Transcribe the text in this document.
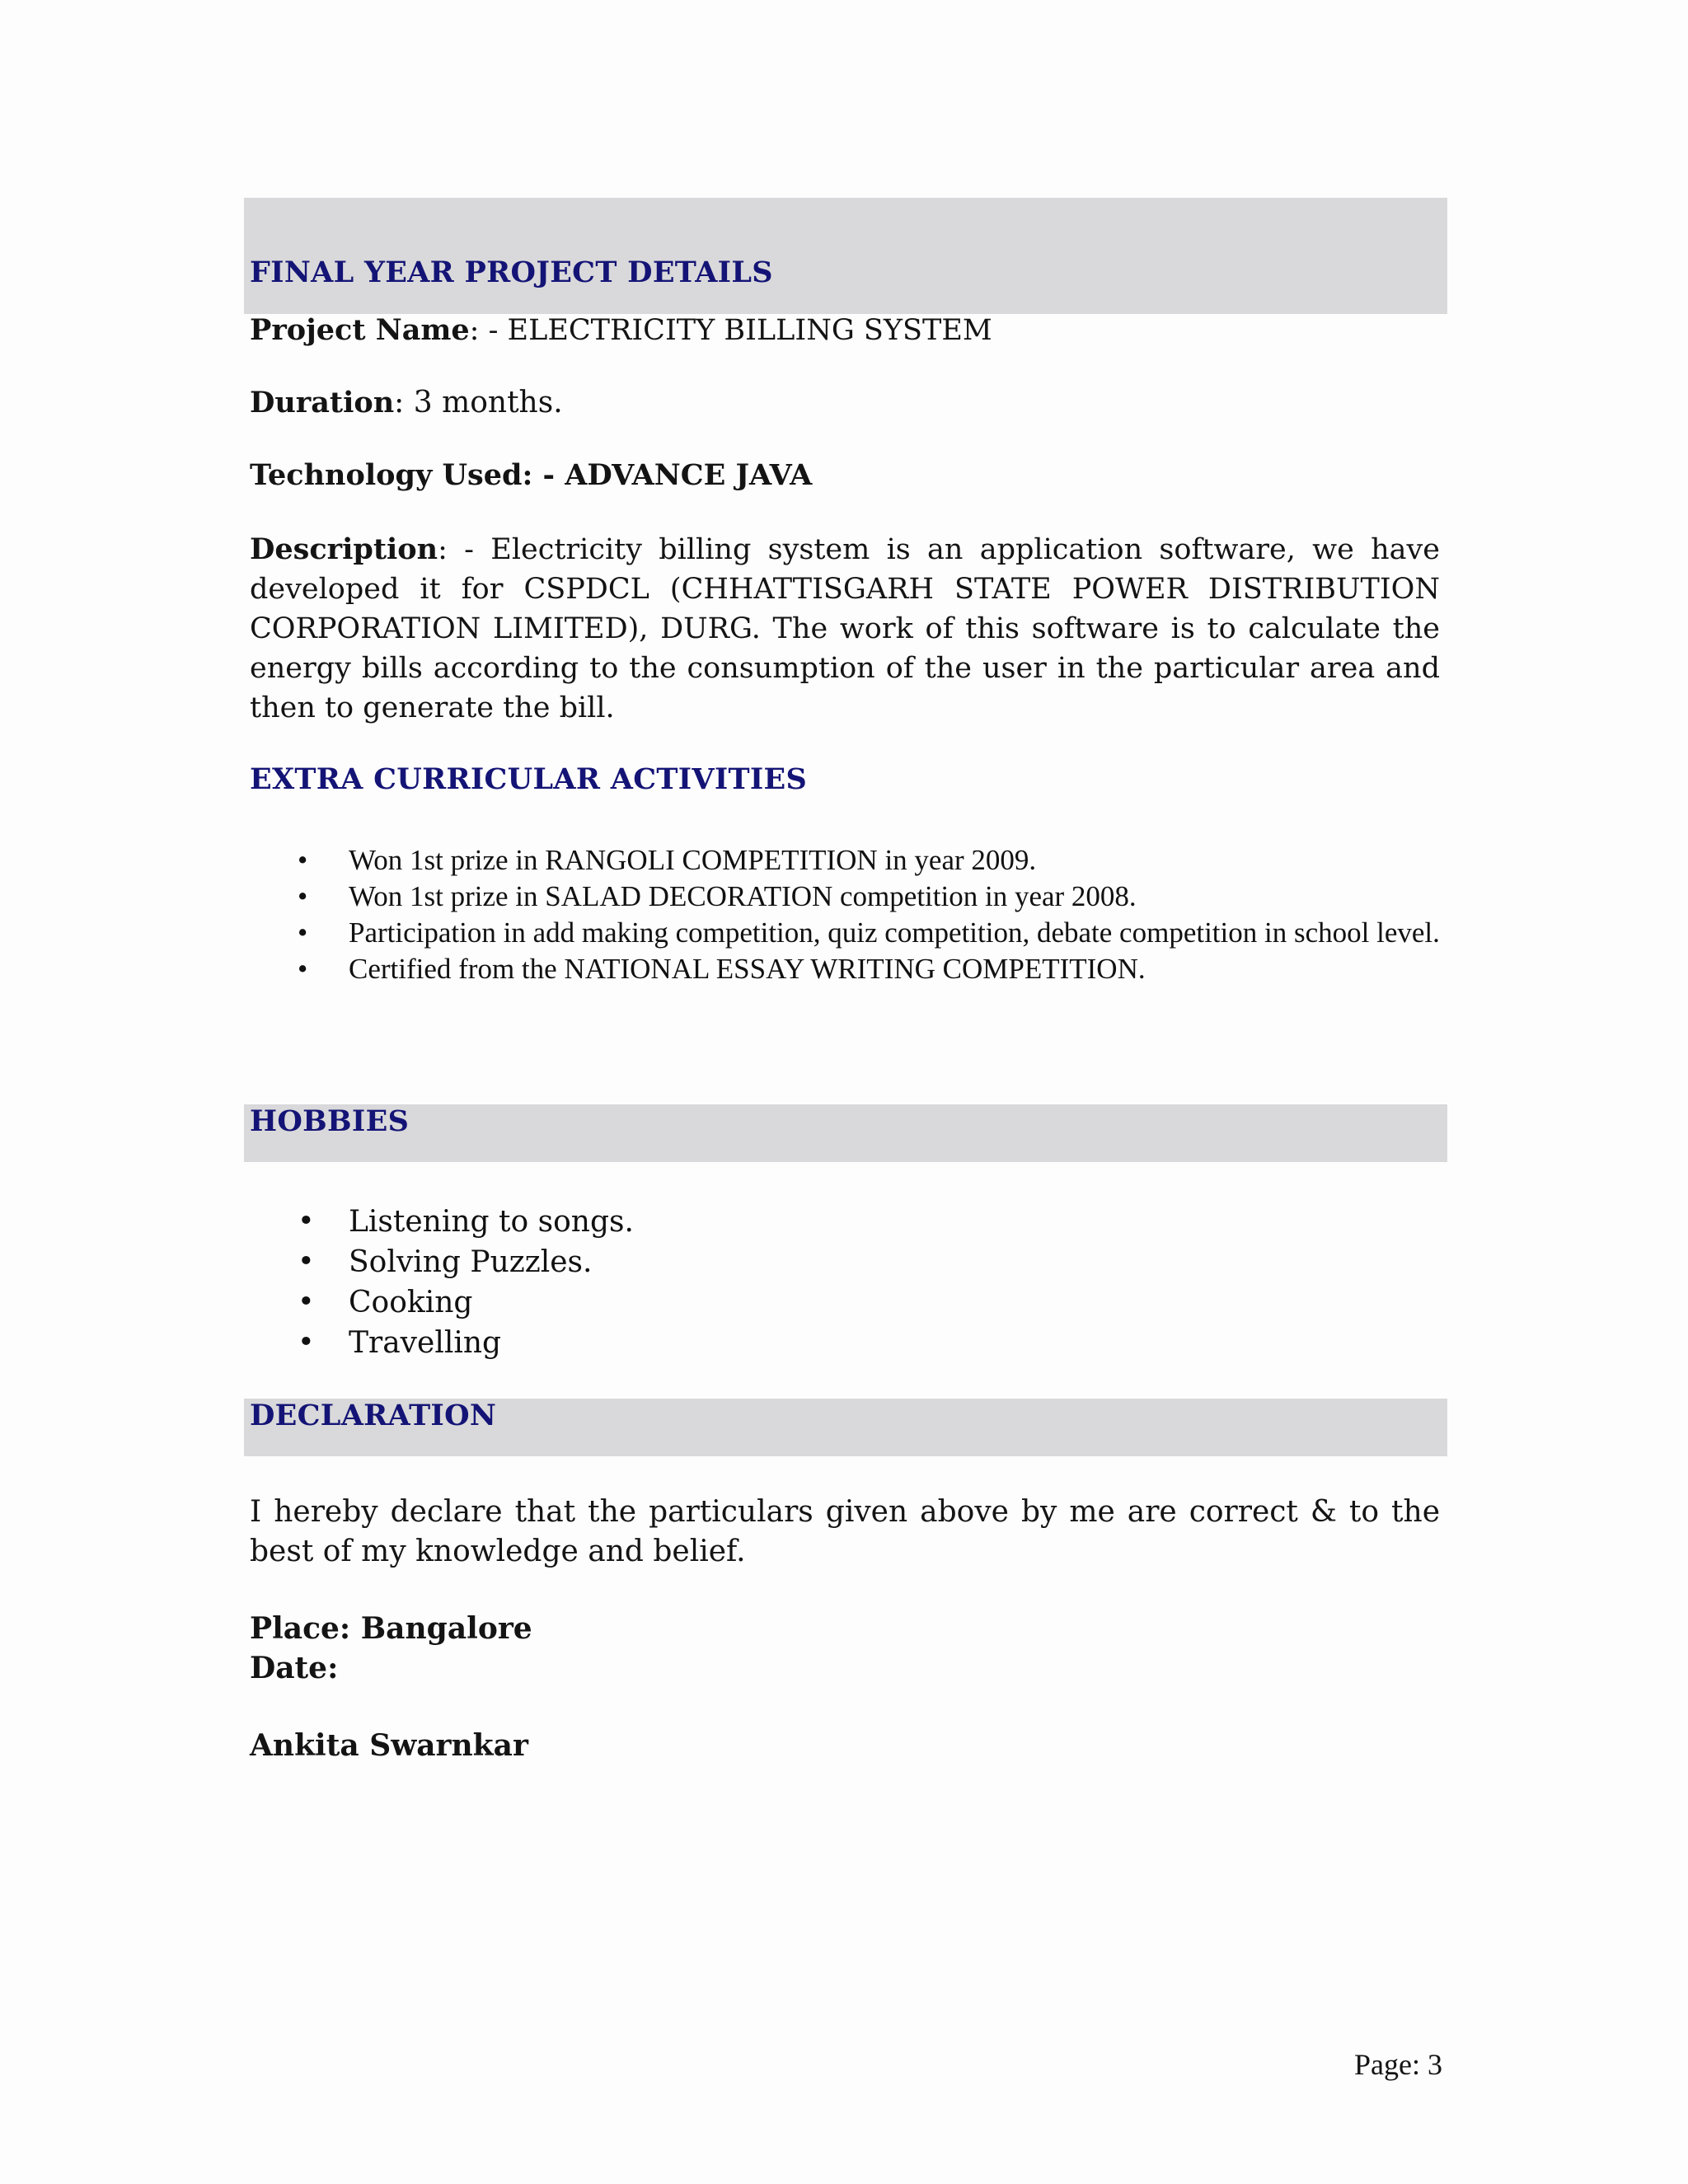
FINAL YEAR PROJECT DETAILS
Project Name: - ELECTRICITY BILLING SYSTEM
Duration: 3 months.
Technology Used: - ADVANCE JAVA
Description: - Electricity billing system is an application software, we have developed it for CSPDCL (CHHATTISGARH STATE POWER DISTRIBUTION CORPORATION LIMITED), DURG. The work of this software is to calculate the energy bills according to the consumption of the user in the particular area and then to generate the bill.
EXTRA CURRICULAR ACTIVITIES
• Won 1st prize in RANGOLI COMPETITION in year 2009.
• Won 1st prize in SALAD DECORATION competition in year 2008.
• Participation in add making competition, quiz competition, debate competition in school level.
• Certified from the NATIONAL ESSAY WRITING COMPETITION.
HOBBIES
• Listening to songs.
• Solving Puzzles.
• Cooking
• Travelling
DECLARATION
I hereby declare that the particulars given above by me are correct & to the best of my knowledge and belief.
Place: Bangalore
Date:
Ankita Swarnkar
Page: 3
